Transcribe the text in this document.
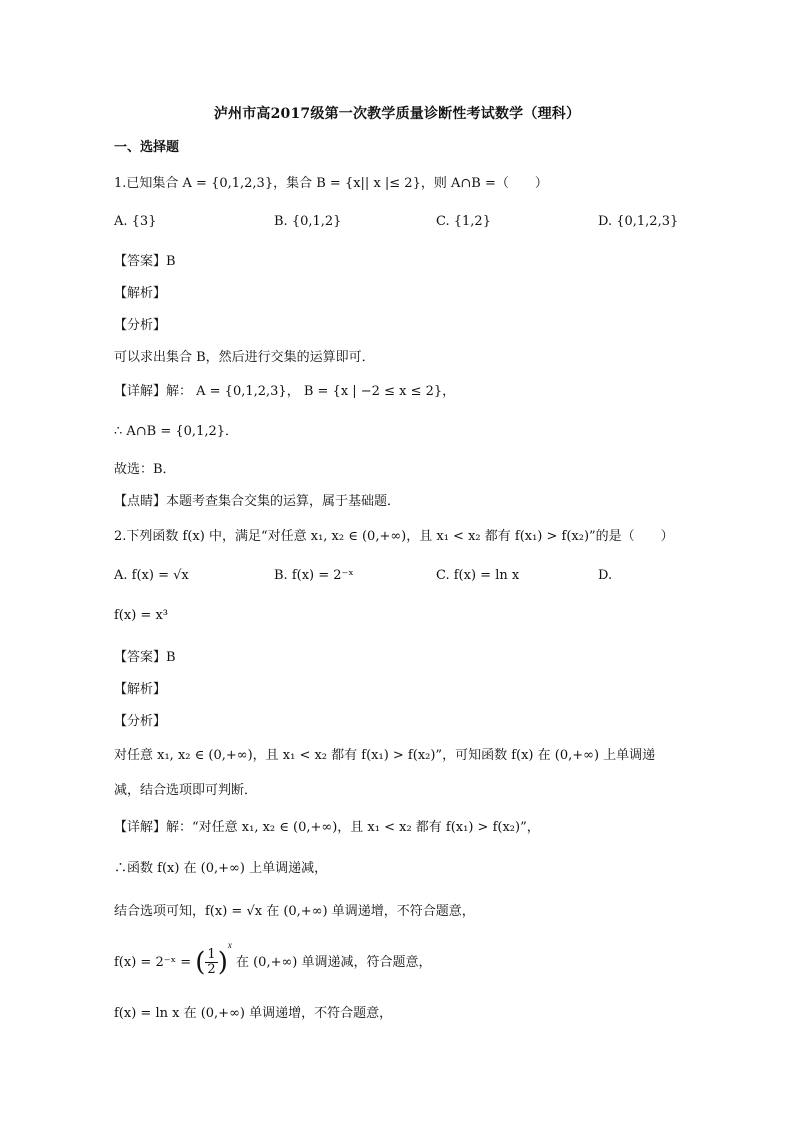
泸州市高2017级第一次教学质量诊断性考试数学（理科）
一、选择题
1.已知集合 A = {0,1,2,3}，集合 B = {x|| x |≤ 2}，则 A∩B =（　　）
A. {3}	B. {0,1,2}	C. {1,2}	D. {0,1,2,3}
【答案】B
【解析】
【分析】
可以求出集合 B，然后进行交集的运算即可．
【详解】解： A = {0,1,2,3}， B = {x | −2 ≤ x ≤ 2}，
∴ A∩B = {0,1,2}．
故选：B．
【点睛】本题考查集合交集的运算，属于基础题．
2.下列函数 f(x) 中，满足“对任意 x₁, x₂ ∈ (0,+∞)，且 x₁ < x₂ 都有 f(x₁) > f(x₂)”的是（　　）
A. f(x) = √x	B. f(x) = 2⁻ˣ	C. f(x) = ln x	D.
f(x) = x³
【答案】B
【解析】
【分析】
对任意 x₁, x₂ ∈ (0,+∞)，且 x₁ < x₂ 都有 f(x₁) > f(x₂)”，可知函数 f(x) 在 (0,+∞) 上单调递
减，结合选项即可判断．
【详解】解：“对任意 x₁, x₂ ∈ (0,+∞)，且 x₁ < x₂ 都有 f(x₁) > f(x₂)”，
∴函数 f(x) 在 (0,+∞) 上单调递减，
结合选项可知，f(x) = √x 在 (0,+∞) 单调递增，不符合题意，
f(x) = 2⁻ˣ = ( $\frac{1}{2} )^x$ 在 (0,+∞) 单调递减，符合题意，
f(x) = ln x 在 (0,+∞) 单调递增，不符合题意，
